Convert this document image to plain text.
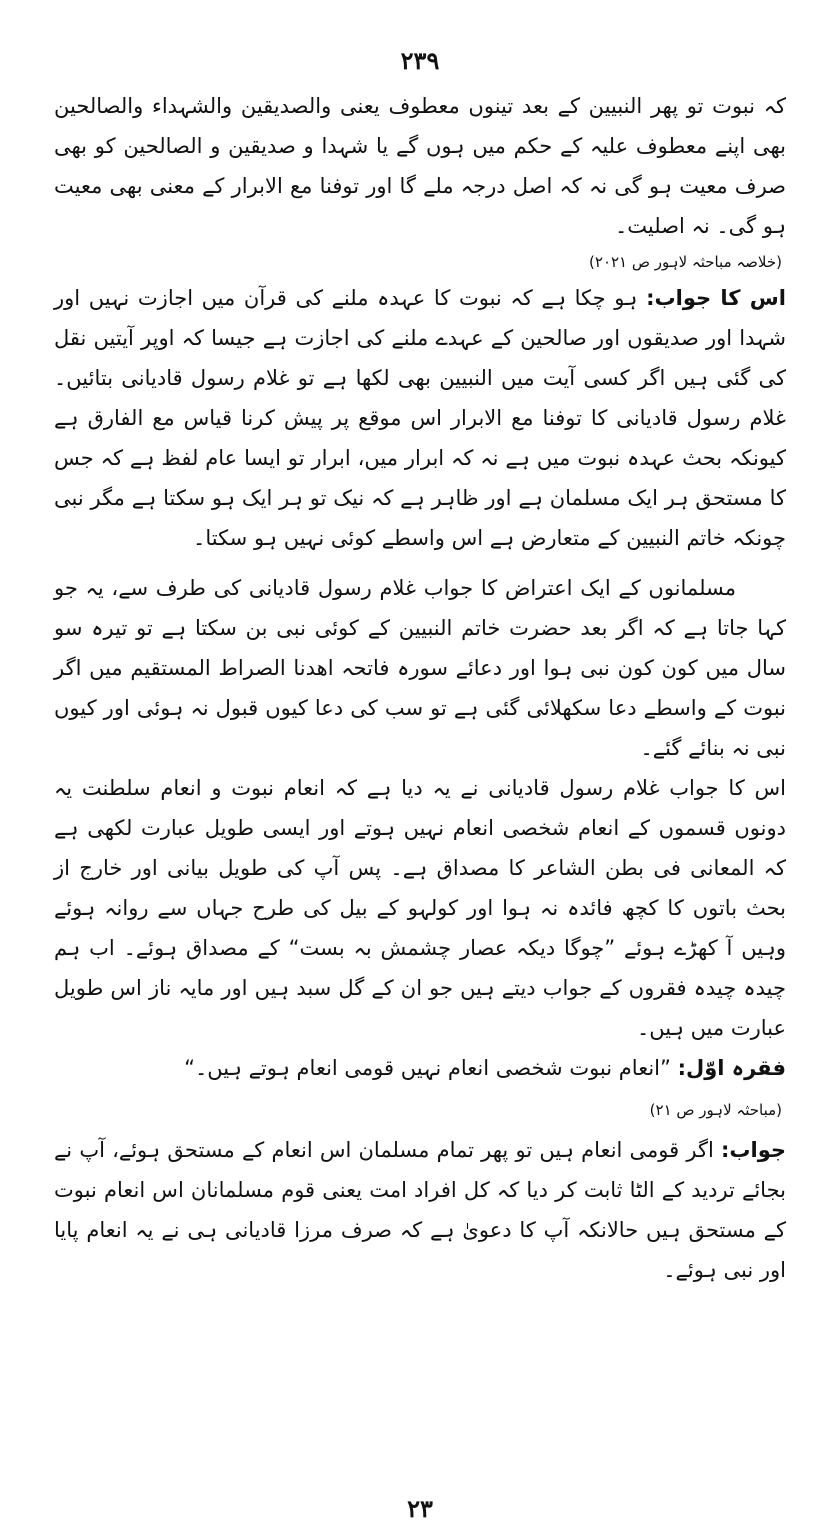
۲۳۹

کہ نبوت تو پھر النبیین کے بعد تینوں معطوف یعنی والصدیقین والشہداء والصالحین بھی اپنے معطوف علیہ کے حکم میں ہوں گے یا شہدا و صدیقین و الصالحین کو بھی صرف معیت ہو گی نہ کہ اصل درجہ ملے گا اور توفنا مع الابرار کے معنی بھی معیت ہو گی۔ نہ اصلیت۔

(خلاصہ مباحثہ لاہور ص ۲۰۲۱)

اس کا جواب: ہو چکا ہے کہ نبوت کا عہدہ ملنے کی قرآن میں اجازت نہیں اور شہدا اور صدیقوں اور صالحین کے عہدے ملنے کی اجازت ہے جیسا کہ اوپر آیتیں نقل کی گئی ہیں اگر کسی آیت میں النبیین بھی لکھا ہے تو غلام رسول قادیانی بتائیں۔ غلام رسول قادیانی کا توفنا مع الابرار اس موقع پر پیش کرنا قیاس مع الفارق ہے کیونکہ بحث عہدہ نبوت میں ہے نہ کہ ابرار میں، ابرار تو ایسا عام لفظ ہے کہ جس کا مستحق ہر ایک مسلمان ہے اور ظاہر ہے کہ نیک تو ہر ایک ہو سکتا ہے مگر نبی چونکہ خاتم النبیین کے متعارض ہے اس واسطے کوئی نہیں ہو سکتا۔

مسلمانوں کے ایک اعتراض کا جواب غلام رسول قادیانی کی طرف سے، یہ جو کہا جاتا ہے کہ اگر بعد حضرت خاتم النبیین کے کوئی نبی بن سکتا ہے تو تیرہ سو سال میں کون کون نبی ہوا اور دعائے سورہ فاتحہ اهدنا الصراط المستقیم میں اگر نبوت کے واسطے دعا سکھلائی گئی ہے تو سب کی دعا کیوں قبول نہ ہوئی اور کیوں نبی نہ بنائے گئے۔

اس کا جواب غلام رسول قادیانی نے یہ دیا ہے کہ انعام نبوت و انعام سلطنت یہ دونوں قسموں کے انعام شخصی انعام نہیں ہوتے اور ایسی طویل عبارت لکھی ہے کہ المعانی فی بطن الشاعر کا مصداق ہے۔ پس آپ کی طویل بیانی اور خارج از بحث باتوں کا کچھ فائدہ نہ ہوا اور کولہو کے بیل کی طرح جہاں سے روانہ ہوئے وہیں آ کھڑے ہوئے ”چوگا دیکہ عصار چشمش بہ بست“ کے مصداق ہوئے۔ اب ہم چیدہ چیدہ فقروں کے جواب دیتے ہیں جو ان کے گل سبد ہیں اور مایہ ناز اس طویل عبارت میں ہیں۔

فقرہ اوّل: ”انعام نبوت شخصی انعام نہیں قومی انعام ہوتے ہیں۔“

(مباحثہ لاہور ص ۲۱)

جواب: اگر قومی انعام ہیں تو پھر تمام مسلمان اس انعام کے مستحق ہوئے، آپ نے بجائے تردید کے الٹا ثابت کر دیا کہ کل افراد امت یعنی قوم مسلمانان اس انعام نبوت کے مستحق ہیں حالانکہ آپ کا دعویٰ ہے کہ صرف مرزا قادیانی ہی نے یہ انعام پایا اور نبی ہوئے۔

۲۳
